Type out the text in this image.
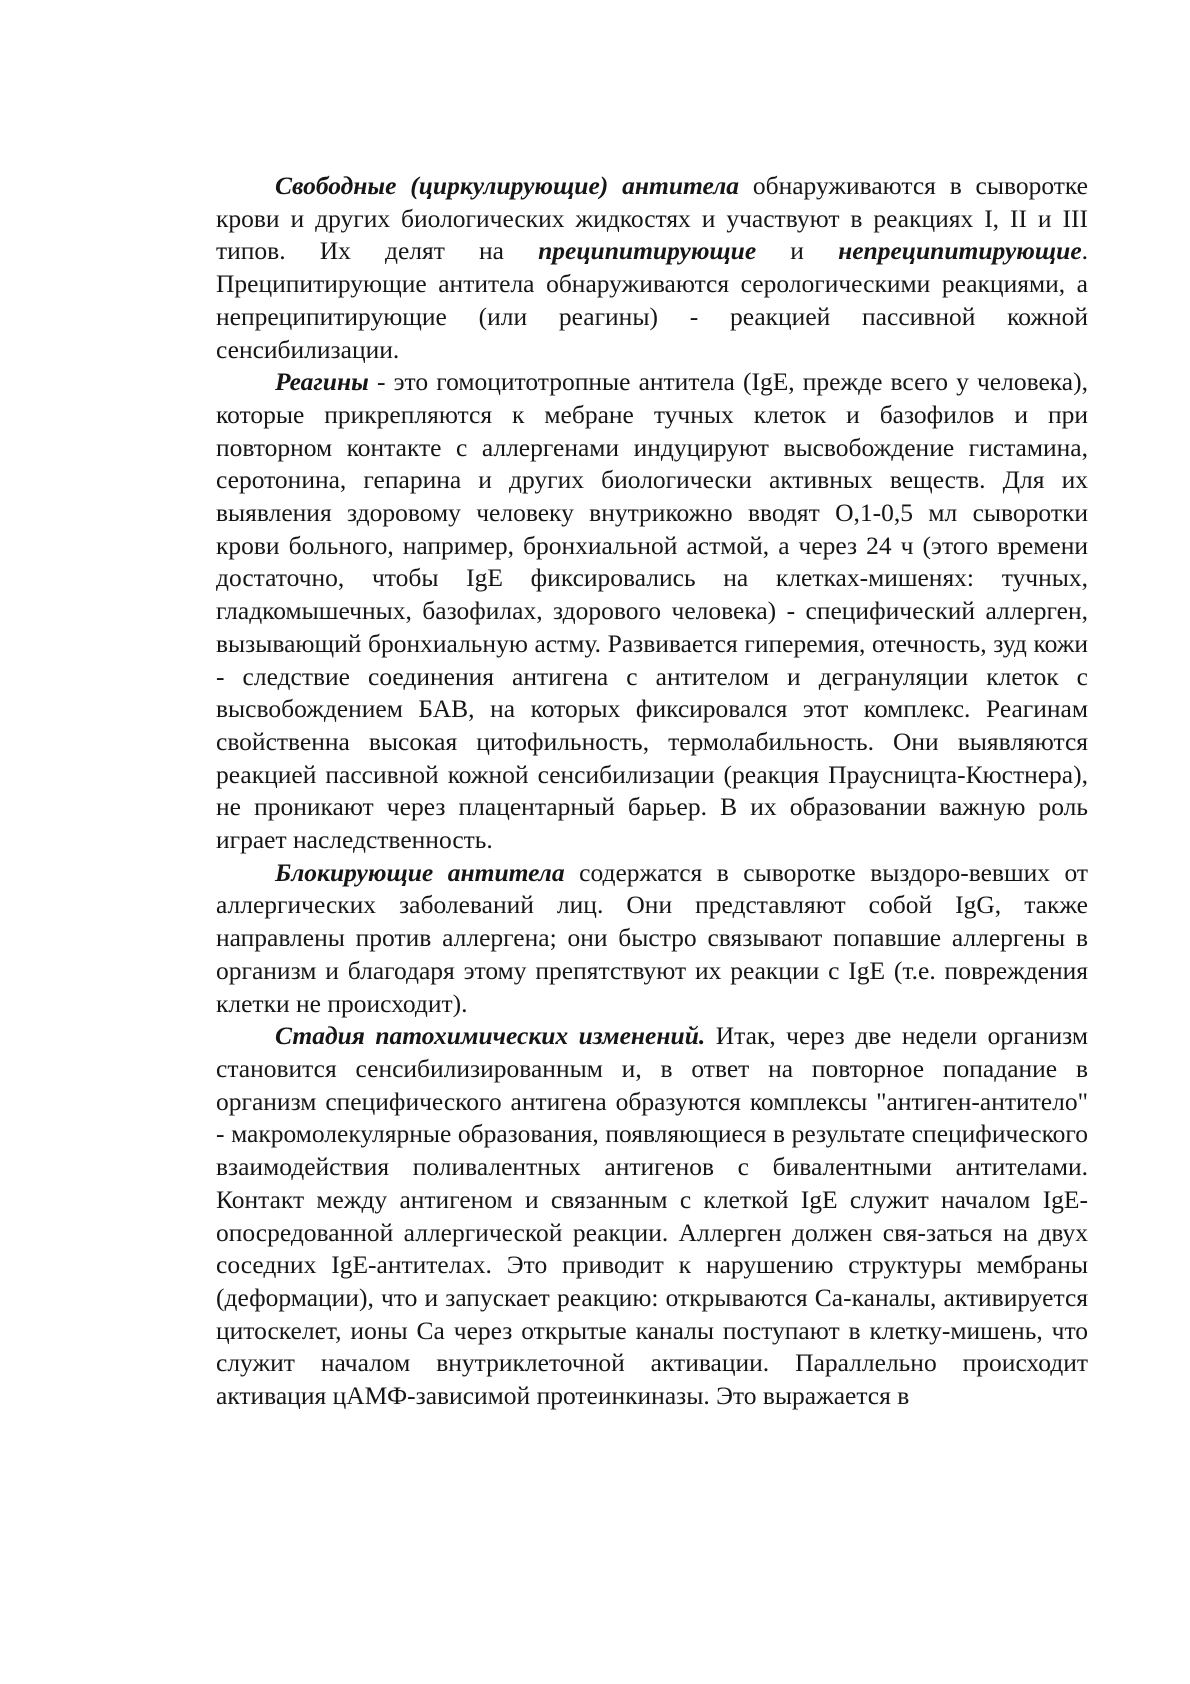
Свободные (циркулирующие) антитела обнаруживаются в сыворотке крови и других биологических жидкостях и участвуют в реакциях I, II и III типов. Их делят на преципитирующие и непреципитирующие. Преципитирующие антитела обнаруживаются серологическими реакциями, а непреципитирующие (или реагины) - реакцией пассивной кожной сенсибилизации.

Реагины - это гомоцитотропные антитела (IgE, прежде всего у человека), которые прикрепляются к мебране тучных клеток и базофилов и при повторном контакте с аллергенами индуцируют высвобождение гистамина, серотонина, гепарина и других биологически активных веществ. Для их выявления здоровому человеку внутрикожно вводят О,1-0,5 мл сыворотки крови больного, например, бронхиальной астмой, а через 24 ч (этого времени достаточно, чтобы IgE фиксировались на клетках-мишенях: тучных, гладкомышечных, базофилах, здорового человека) - специфический аллерген, вызывающий бронхиальную астму. Развивается гиперемия, отечность, зуд кожи - следствие соединения антигена с антителом и дегрануляции клеток с высвобождением БАВ, на которых фиксировался этот комплекс. Реагинам свойственна высокая цитофильность, термолабильность. Они выявляются реакцией пассивной кожной сенсибилизации (реакция Праусницта-Кюстнера), не проникают через плацентарный барьер. В их образовании важную роль играет наследственность.

Блокирующие антитела содержатся в сыворотке выздоро-вевших от аллергических заболеваний лиц. Они представляют собой IgG, также направлены против аллергена; они быстро связывают попавшие аллергены в организм и благодаря этому препятствуют их реакции с IgE (т.е. повреждения клетки не происходит).

Стадия патохимических изменений. Итак, через две недели организм становится сенсибилизированным и, в ответ на повторное попадание в организм специфического антигена образуются комплексы "антиген-антитело" - макромолекулярные образования, появляющиеся в результате специфического взаимодействия поливалентных антигенов с бивалентными антителами. Контакт между антигеном и связанным с клеткой IgE служит началом IgE-опосредованной аллергической реакции. Аллерген должен свя-заться на двух соседних IgE-антителах. Это приводит к нарушению структуры мембраны (деформации), что и запускает реакцию: открываются Са-каналы, активируется цитоскелет, ионы Са через открытые каналы поступают в клетку-мишень, что служит началом внутриклеточной активации. Параллельно происходит активация цАМФ-зависимой протеинкиназы. Это выражается в
